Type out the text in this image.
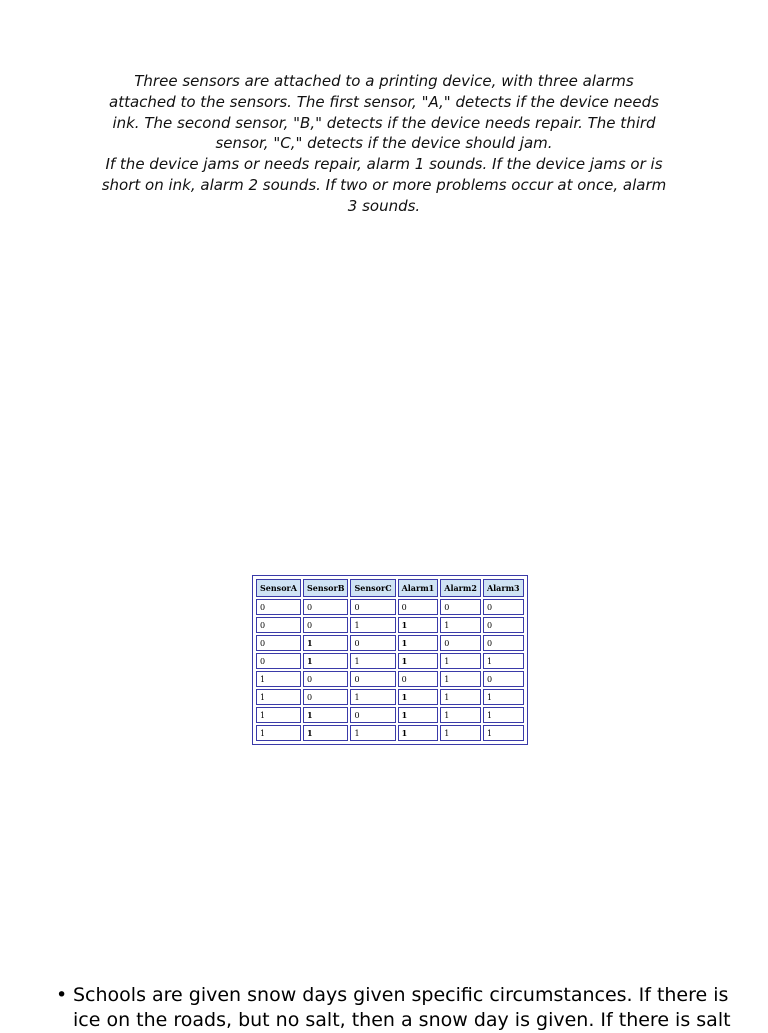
Three sensors are attached to a printing device, with three alarms attached to the sensors. The first sensor, "A," detects if the device needs ink. The second sensor, "B," detects if the device needs repair. The third sensor, "C," detects if the device should jam.

If the device jams or needs repair, alarm 1 sounds. If the device jams or is short on ink, alarm 2 sounds. If two or more problems occur at once, alarm 3 sounds.

SensorA	SensorB	SensorC	Alarm1	Alarm2	Alarm3
0	0	0	0	0	0
0	0	1	1	1	0
0	1	0	1	0	0
0	1	1	1	1	1
1	0	0	0	1	0
1	0	1	1	1	1
1	1	0	1	1	1
1	1	1	1	1	1
• Schools are given snow days given specific circumstances. If there is ice on the roads, but no salt, then a snow day is given. If there is salt
